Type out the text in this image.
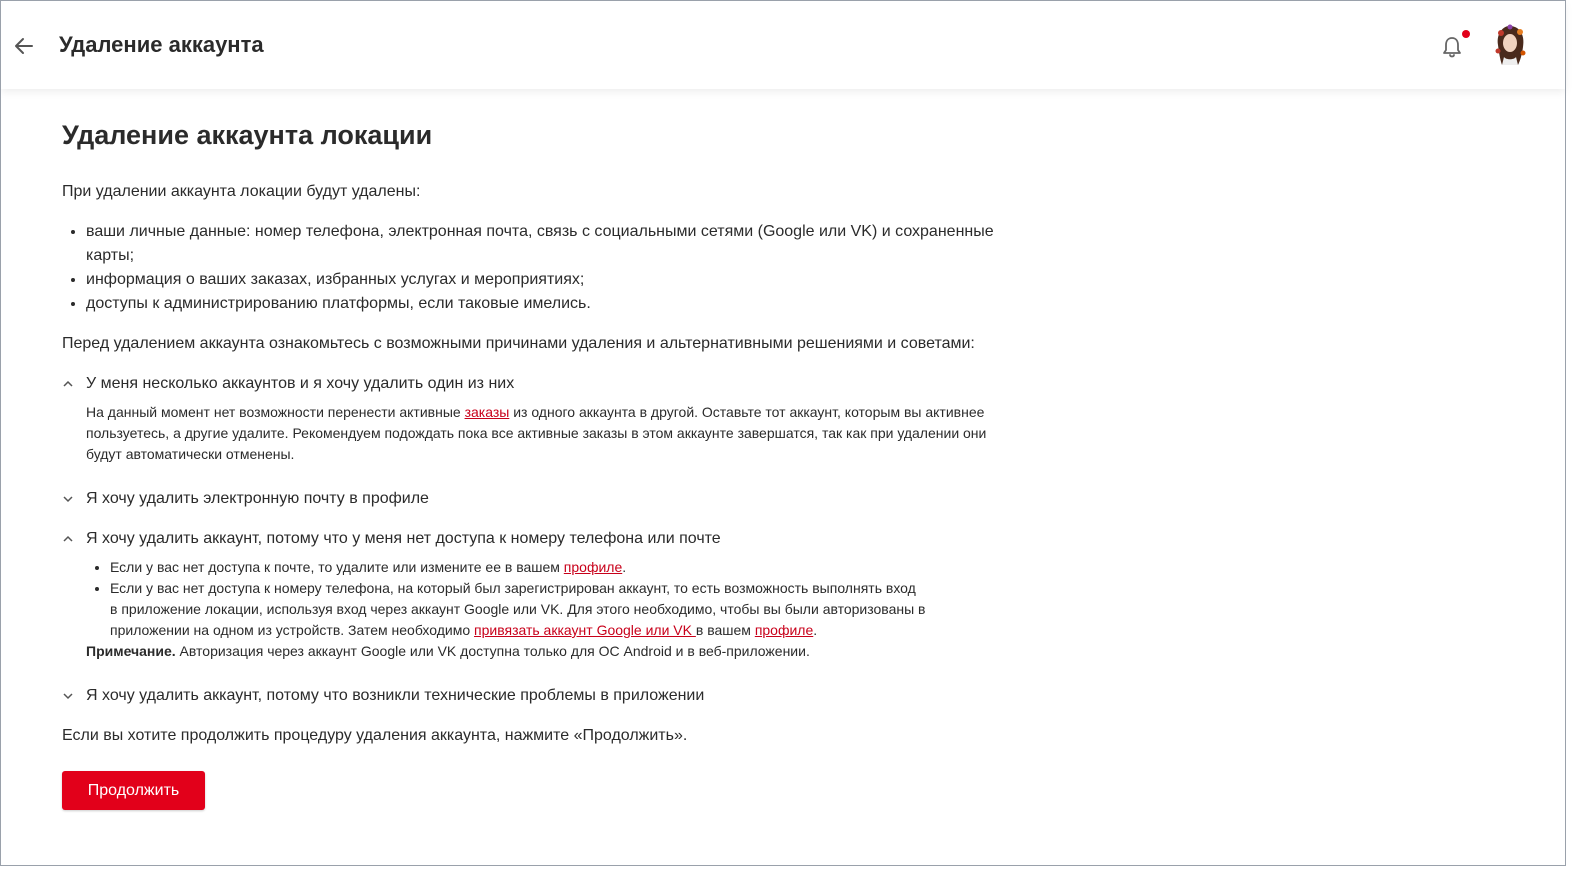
Удаление аккаунта
Удаление аккаунта локации

При удалении аккаунта локации будут удалены:

• ваши личные данные: номер телефона, электронная почта, связь с социальными сетями (Google или VK) и сохраненные карты;
• информация о ваших заказах, избранных услугах и мероприятиях;
• доступы к администрированию платформы, если таковые имелись.

Перед удалением аккаунта ознакомьтесь с возможными причинами удаления и альтернативными решениями и советами:

У меня несколько аккаунтов и я хочу удалить один из них
На данный момент нет возможности перенести активные заказы из одного аккаунта в другой. Оставьте тот аккаунт, которым вы активнее пользуетесь, а другие удалите. Рекомендуем подождать пока все активные заказы в этом аккаунте завершатся, так как при удалении они будут автоматически отменены.
Я хочу удалить электронную почту в профиле
Я хочу удалить аккаунт, потому что у меня нет доступа к номеру телефона или почте
• Если у вас нет доступа к почте, то удалите или измените ее в вашем профиле.
• Если у вас нет доступа к номеру телефона, на который был зарегистрирован аккаунт, то есть возможность выполнять вход в приложение локации, используя вход через аккаунт Google или VK. Для этого необходимо, чтобы вы были авторизованы в приложении на одном из устройств. Затем необходимо привязать аккаунт Google или VK в вашем профиле.
Примечание. Авторизация через аккаунт Google или VK доступна только для ОС Android и в веб-приложении.
Я хочу удалить аккаунт, потому что возникли технические проблемы в приложении

Если вы хотите продолжить процедуру удаления аккаунта, нажмите «Продолжить».

Продолжить
